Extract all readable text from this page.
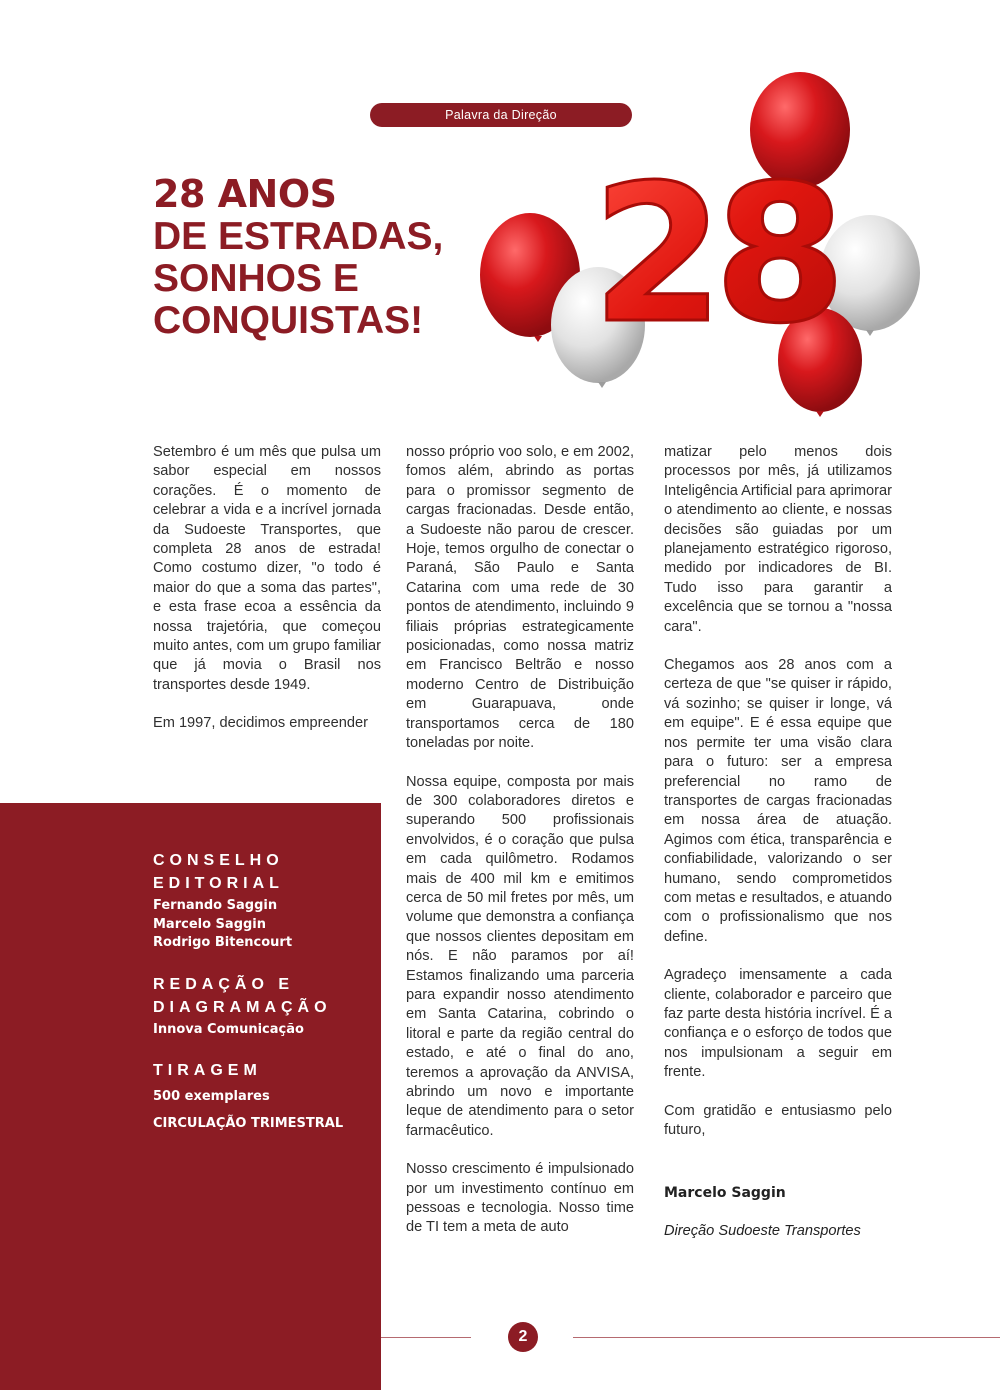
Palavra da Direção
28 ANOS
DE ESTRADAS,
SONHOS E
CONQUISTAS! 28

Setembro é um mês que pulsa um sabor especial em nossos corações. É o momento de celebrar a vida e a incrível jornada da Sudoeste Transportes, que completa 28 anos de estrada! Como costumo dizer, "o todo é maior do que a soma das partes", e esta frase ecoa a essência da nossa trajetória, que começou muito antes, com um grupo familiar que já movia o Brasil nos transportes desde 1949.

Em 1997, decidimos empreender

nosso próprio voo solo, e em 2002, fomos além, abrindo as portas para o promissor segmento de cargas fracionadas. Desde então, a Sudoeste não parou de crescer. Hoje, temos orgulho de conectar o Paraná, São Paulo e Santa Catarina com uma rede de 30 pontos de atendimento, incluindo 9 filiais próprias estrategicamente posicionadas, como nossa matriz em Francisco Beltrão e nosso moderno Centro de Distribuição em Guarapuava, onde transportamos cerca de 180 toneladas por noite.

Nossa equipe, composta por mais de 300 colaboradores diretos e superando 500 profissionais envolvidos, é o coração que pulsa em cada quilômetro. Rodamos mais de 400 mil km e emitimos cerca de 50 mil fretes por mês, um volume que demonstra a confiança que nossos clientes depositam em nós. E não paramos por aí! Estamos finalizando uma parceria para expandir nosso atendimento em Santa Catarina, cobrindo o litoral e parte da região central do estado, e até o final do ano, teremos a aprovação da ANVISA, abrindo um novo e importante leque de atendimento para o setor farmacêutico.

Nosso crescimento é impulsionado por um investimento contínuo em pessoas e tecnologia. Nosso time de TI tem a meta de auto

matizar pelo menos dois processos por mês, já utilizamos Inteligência Artificial para aprimorar o atendimento ao cliente, e nossas decisões são guiadas por um planejamento estratégico rigoroso, medido por indicadores de BI. Tudo isso para garantir a excelência que se tornou a "nossa cara".

Chegamos aos 28 anos com a certeza de que "se quiser ir rápido, vá sozinho; se quiser ir longe, vá em equipe". E é essa equipe que nos permite ter uma visão clara para o futuro: ser a empresa preferencial no ramo de transportes de cargas fracionadas em nossa área de atuação. Agimos com ética, transparência e confiabilidade, valorizando o ser humano, sendo comprometidos com metas e resultados, e atuando com o profissionalismo que nos define.

Agradeço imensamente a cada cliente, colaborador e parceiro que faz parte desta história incrível. É a confiança e o esforço de todos que nos impulsionam a seguir em frente.

Com gratidão e entusiasmo pelo futuro,

Marcelo Saggin

Direção Sudoeste Transportes

CONSELHO

EDITORIAL

Fernando Saggin
Marcelo Saggin
Rodrigo Bitencourt

REDAÇÃO E

DIAGRAMAÇÃO

Innova Comunicação

TIRAGEM

500 exemplares
CIRCULAÇÃO TRIMESTRAL
2
